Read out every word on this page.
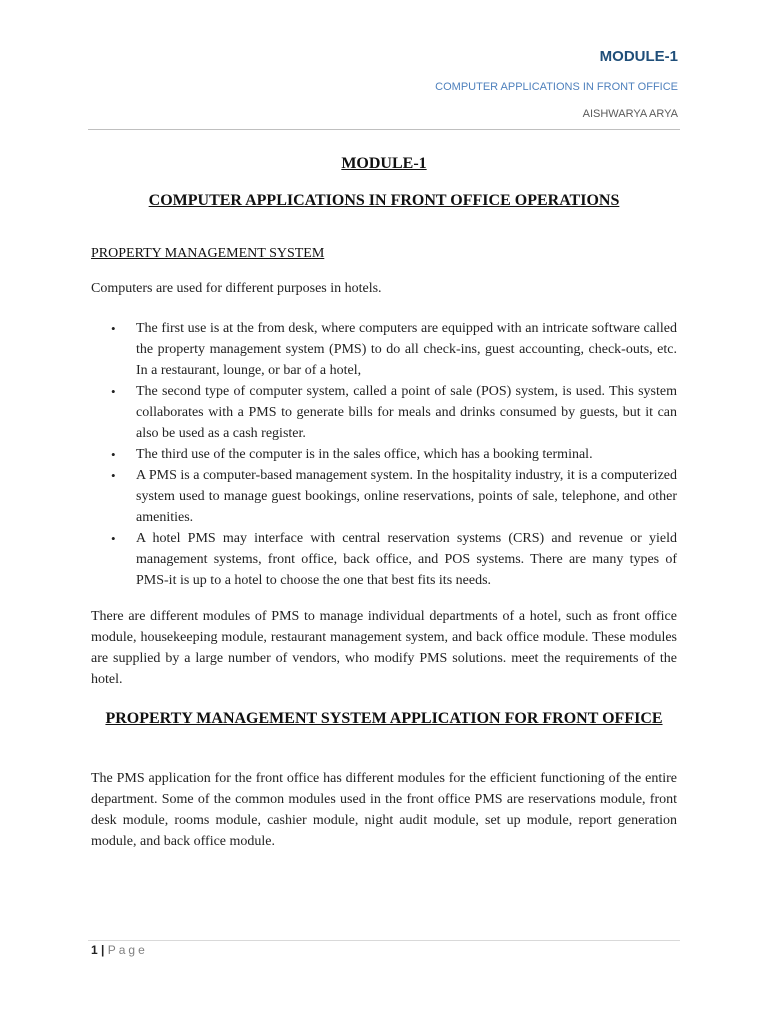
MODULE-1
COMPUTER APPLICATIONS IN FRONT OFFICE
AISHWARYA ARYA
MODULE-1
COMPUTER APPLICATIONS IN FRONT OFFICE OPERATIONS
PROPERTY MANAGEMENT SYSTEM
Computers are used for different purposes in hotels.
• The first use is at the from desk, where computers are equipped with an intricate software called the property management system (PMS) to do all check-ins, guest accounting, check-outs, etc. In a restaurant, lounge, or bar of a hotel,
• The second type of computer system, called a point of sale (POS) system, is used. This system collaborates with a PMS to generate bills for meals and drinks consumed by guests, but it can also be used as a cash register.
• The third use of the computer is in the sales office, which has a booking terminal.
• A PMS is a computer-based management system. In the hospitality industry, it is a computerized system used to manage guest bookings, online reservations, points of sale, telephone, and other amenities.
• A hotel PMS may interface with central reservation systems (CRS) and revenue or yield management systems, front office, back office, and POS systems. There are many types of PMS-it is up to a hotel to choose the one that best fits its needs.

There are different modules of PMS to manage individual departments of a hotel, such as front office module, housekeeping module, restaurant management system, and back office module. These modules are supplied by a large number of vendors, who modify PMS solutions. meet the requirements of the hotel.

PROPERTY MANAGEMENT SYSTEM APPLICATION FOR FRONT OFFICE

The PMS application for the front office has different modules for the efficient functioning of the entire department. Some of the common modules used in the front office PMS are reservations module, front desk module, rooms module, cashier module, night audit module, set up module, report generation module, and back office module.

1 | Page
